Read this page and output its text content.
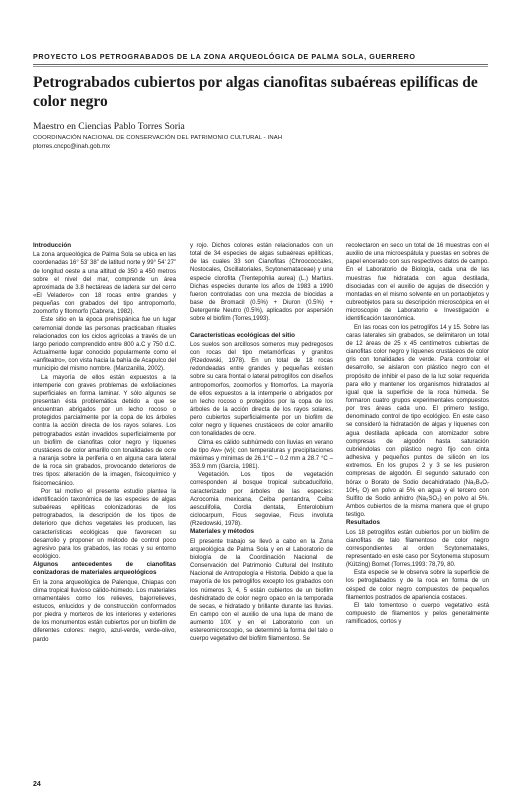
PROYECTO LOS PETROGRABADOS DE LA ZONA ARQUEOLÓGICA DE PALMA SOLA, GUERRERO
Petrograbados cubiertos por algas cianofitas subaéreas epilíficas de color negro

Maestro en Ciencias Pablo Torres Soria

COORDINACIÓN NACIONAL DE CONSERVACIÓN DEL PATRIMONIO CULTURAL - INAH

ptorres.cncpc@inah.gob.mx

Introducción

La zona arqueológica de Palma Sola se ubica en las coordenadas 16° 53’ 38” de latitud norte y 99° 54’ 27” de longitud oeste a una altitud de 350 a 450 metros sobre el nivel del mar, comprende un área aproximada de 3.8 hectáreas de ladera sur del cerro «El Veladero» con 18 rocas entre grandes y pequeñas con grabados del tipo antropomorfo, zoomorfo y fitomorfo (Cabrera, 1982).

Este sitio en la época prehispánica fue un lugar ceremonial donde las personas practicaban rituales relacionados con los ciclos agrícolas a través de un largo periodo comprendido entre 800 a.C y 750 d.C. Actualmente lugar conocido popularmente como el «anfiteatro», con vista hacia la bahía de Acapulco del municipio del mismo nombre. (Manzanilla, 2002).

La mayoría de ellos están expuestos a la intemperie con graves problemas de exfoliaciones superficiales en forma laminar. Y sólo algunos se presentan ésta problemática debido a que se encuentran abrigados por un lecho rocoso o protegidos parcialmente por la copa de los árboles contra la acción directa de los rayos solares. Los petrograbados están invadidos superficialmente por un biofilm de cianofitas color negro y líquenes crustáceos de color amarillo con tonalidades de ocre a naranja sobre la periferia o en alguna cara lateral de la roca sin grabados, provocando deterioros de tres tipos: alteración de la imagen, fisicoquímico y fisicomecánico.

Por tal motivo el presente estudio plantea la identificación taxonómica de las especies de algas subaéreas epilíticas colonizadoras de los petrograbados, la descripción de los tipos de deterioro que dichos vegetales les producen, las características ecológicas que favorecen su desarrollo y proponer un método de control poco agresivo para los grabados, las rocas y su entorno ecológico.

Algunos antecedentes de cianofitas conizadoras de materiales arqueológicos

En la zona arqueológica de Palenque, Chiapas con clima tropical lluvioso cálido-húmedo. Los materiales ornamentales como los relieves, bajorrelieves, estucos, enlucidos y de construcción conformados por piedra y morteros de los interiores y exteriores de los monumentos están cubiertos por un biofilm de diferentes colores: negro, azul-verde, verde-olivo, pardo

y rojo. Dichos colores están relacionados con un total de 34 especies de algas subaéreas epilíticas, de las cuales 33 son Cianofitas (Chroococcales, Nostocales, Oscillatoriales, Scytonemataceae) y una especie clorofita (Trentepohlia aurea) (L.) Martius. Dichas especies durante los años de 1983 a 1990 fueron controladas con una mezcla de biocidas a base de Bromacil (0.5%) + Diuron (0.5%) + Detergente Neutro (0.5%), aplicados por aspersión sobre el biofilm (Torres,1993).

Características ecológicas del sitio

Los suelos son arcillosos someros muy pedregosos con rocas del tipo metamórficas y granitos (Rzedowski, 1978). En un total de 18 rocas redondeadas entre grandes y pequeñas existen sobre su cara frontal o lateral petroglifos con diseños antropomorfos, zoomorfos y fitomorfos. La mayoría de ellos expuestos a la intemperie o abrigados por un lecho rocoso o protegidos por la copa de los árboles de la acción directa de los rayos solares, pero cubiertos superficialmente por un biofilm de color negro y líquenes crustáceos de color amarillo con tonalidades de ocre.

Clima es cálido subhúmedo con lluvias en verano de tipo Aw» (w)i; con temperaturas y precipitaciones máximas y mínimas de 26.1°C – 0.2 mm a 28.7 °C – 353.9 mm (García, 1981).

Vegetación. Los tipos de vegetación corresponden al bosque tropical subcaducifolio, caracterizado por árboles de las especies: Acrocomia mexicana, Ceiba pentandra, Ceiba aesculifolia, Cordia dentata, Enterolobium ciclocarpum, Ficus segoviae, Ficus involuta (Rzedowski, 1978).

Materiales y métodos

El presente trabajo se llevó a cabo en la Zona arqueológica de Palma Sola y en el Laboratorio de biología de la Coordinación Nacional de Conservación del Patrimonio Cultural del Instituto Nacional de Antropología e Historia. Debido a que la mayoría de los petroglifos excepto los grabados con los números 3, 4, 5 están cubiertos de un biofilm deshidratado de color negro opaco en la temporada de secas, e hidratado y brillante durante las lluvias. En campo con el auxilio de una lupa de mano de aumento 10X y en el Laboratorio con un estereomicroscopio, se determinó la forma del talo o cuerpo vegetativo del biofilm filamentoso. Se

recolectaron en seco un total de 16 muestras con el auxilio de una microespátula y puestas en sobres de papel encerado con sus respectivos datos de campo. En el Laboratorio de Biología, cada una de las muestras fue hidratada con agua destilada, disociadas con el auxilio de agujas de disección y montadas en el mismo solvente en un portaobjetos y cubreobjetos para su descripción microscópica en el microscopio de Laboratorio e Investigación e identificación taxonómica.

En las rocas con los petroglifos 14 y 15. Sobre las caras laterales sin grabados, se delimitaron un total de 12 áreas de 25 x 45 centímetros cubiertas de cianofitas color negro y líquenes crustáceos de color gris con tonalidades de verde. Para controlar el desarrollo, se aislaron con plástico negro con el propósito de inhibir el paso de la luz solar requerida para ello y mantener los organismos hidratados al igual que la superficie de la roca húmeda. Se formaron cuatro grupos experimentales compuestos por tres áreas cada uno. El primero testigo, denominado control de tipo ecológico. En este caso se consideró la hidratación de algas y líquenes con agua destilada aplicada con atomizador sobre compresas de algodón hasta saturación cubriéndolas con plástico negro fijo con cinta adhesiva y pequeños puntos de silicón en los extremos. En los grupos 2 y 3 se les pusieron compresas de algodón. El segundo saturado con bórax o Borato de Sodio decahidratado (Na₂B₄O₇ 10H₂ O) en polvo al 5% en agua y el tercero con Sulfito de Sodio anhidro (Na₂SO₃) en polvo al 5%. Ambos cubiertos de la misma manera que el grupo testigo.

Resultados

Los 18 petroglifos están cubiertos por un biofilm de cianofitas de talo filamentoso de color negro correspondientes al orden Scytonematales, representado en este caso por Scytonema stuposum (Kützing) Bornet (Torres,1993: 78,79, 80.

Esta especie se le observa sobre la superficie de los petroglabados y de la roca en forma de un césped de color negro compuestos de pequeños filamentos postrados de apariencia costaces.

El talo tomentoso o cuerpo vegetativo está compuesto de filamentos y pelos generalmente ramificados, cortos y

24
